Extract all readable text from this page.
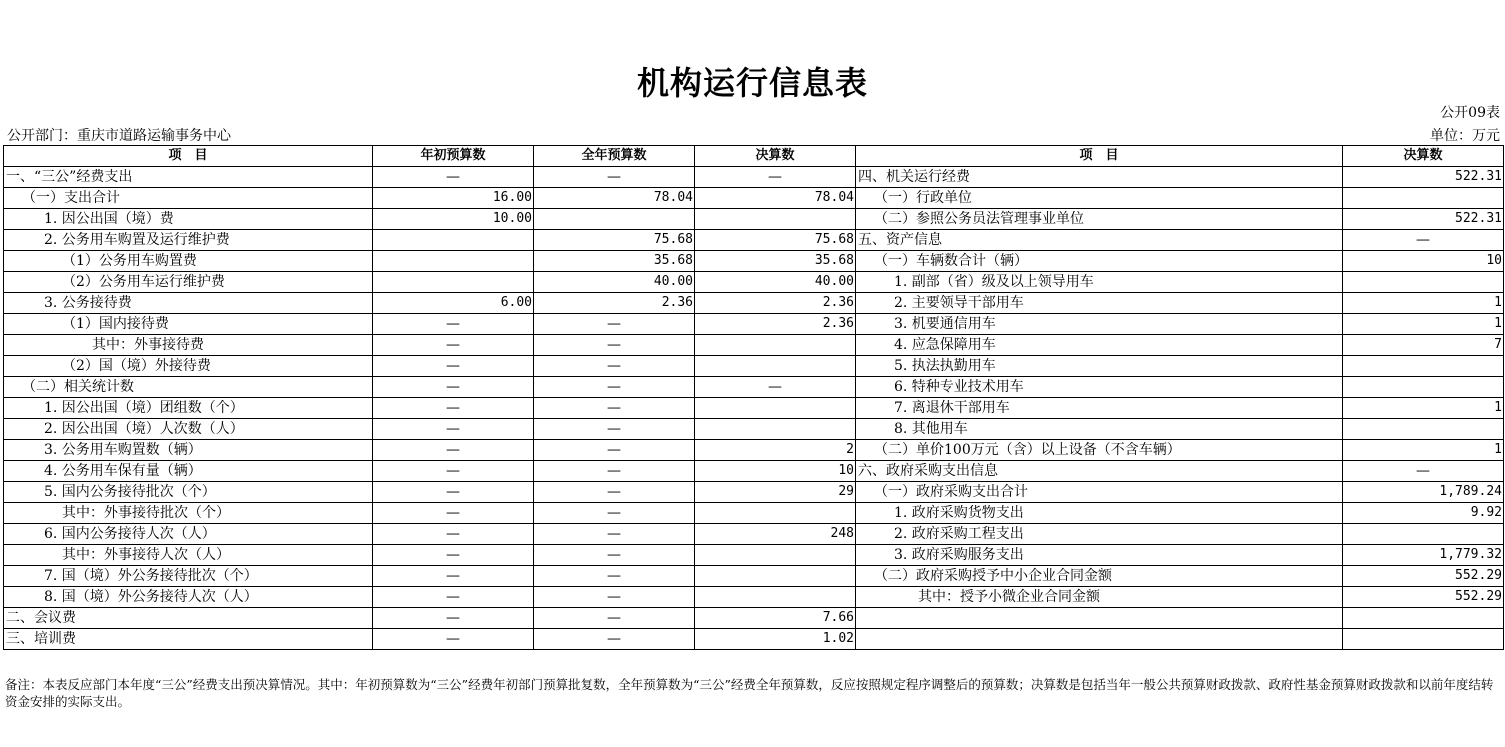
机构运行信息表
公开09表
公开部门：重庆市道路运输事务中心	单位：万元
项　目	年初预算数	全年预算数	决算数	项　目	决算数
一、“三公”经费支出	—	—	—	四、机关运行经费	522.31
（一）支出合计	16.00	78.04	78.04	（一）行政单位	
1. 因公出国（境）费	10.00			（二）参照公务员法管理事业单位	522.31
2. 公务用车购置及运行维护费		75.68	75.68	五、资产信息	—
（1）公务用车购置费		35.68	35.68	（一）车辆数合计（辆）	10
（2）公务用车运行维护费		40.00	40.00	1. 副部（省）级及以上领导用车	
3. 公务接待费	6.00	2.36	2.36	2. 主要领导干部用车	1
（1）国内接待费	—	—	2.36	3. 机要通信用车	1
其中：外事接待费	—	—		4. 应急保障用车	7
（2）国（境）外接待费	—	—		5. 执法执勤用车	
（二）相关统计数	—	—	—	6. 特种专业技术用车	
1. 因公出国（境）团组数（个）	—	—		7. 离退休干部用车	1
2. 因公出国（境）人次数（人）	—	—		8. 其他用车	
3. 公务用车购置数（辆）	—	—	2	（二）单价100万元（含）以上设备（不含车辆）	1
4. 公务用车保有量（辆）	—	—	10	六、政府采购支出信息	—
5. 国内公务接待批次（个）	—	—	29	（一）政府采购支出合计	1,789.24
其中：外事接待批次（个）	—	—		1. 政府采购货物支出	9.92
6. 国内公务接待人次（人）	—	—	248	2. 政府采购工程支出	
其中：外事接待人次（人）	—	—		3. 政府采购服务支出	1,779.32
7. 国（境）外公务接待批次（个）	—	—		（二）政府采购授予中小企业合同金额	552.29
8. 国（境）外公务接待人次（人）	—	—		其中：授予小微企业合同金额	552.29
二、会议费	—	—	7.66		
三、培训费	—	—	1.02		
备注：本表反应部门本年度“三公”经费支出预决算情况。其中：年初预算数为“三公”经费年初部门预算批复数，全年预算数为“三公”经费全年预算数，反应按照规定程序调整后的预算数；决算数是包括当年一般公共预算财政拨款、政府性基金预算财政拨款和以前年度结转资金安排的实际支出。
